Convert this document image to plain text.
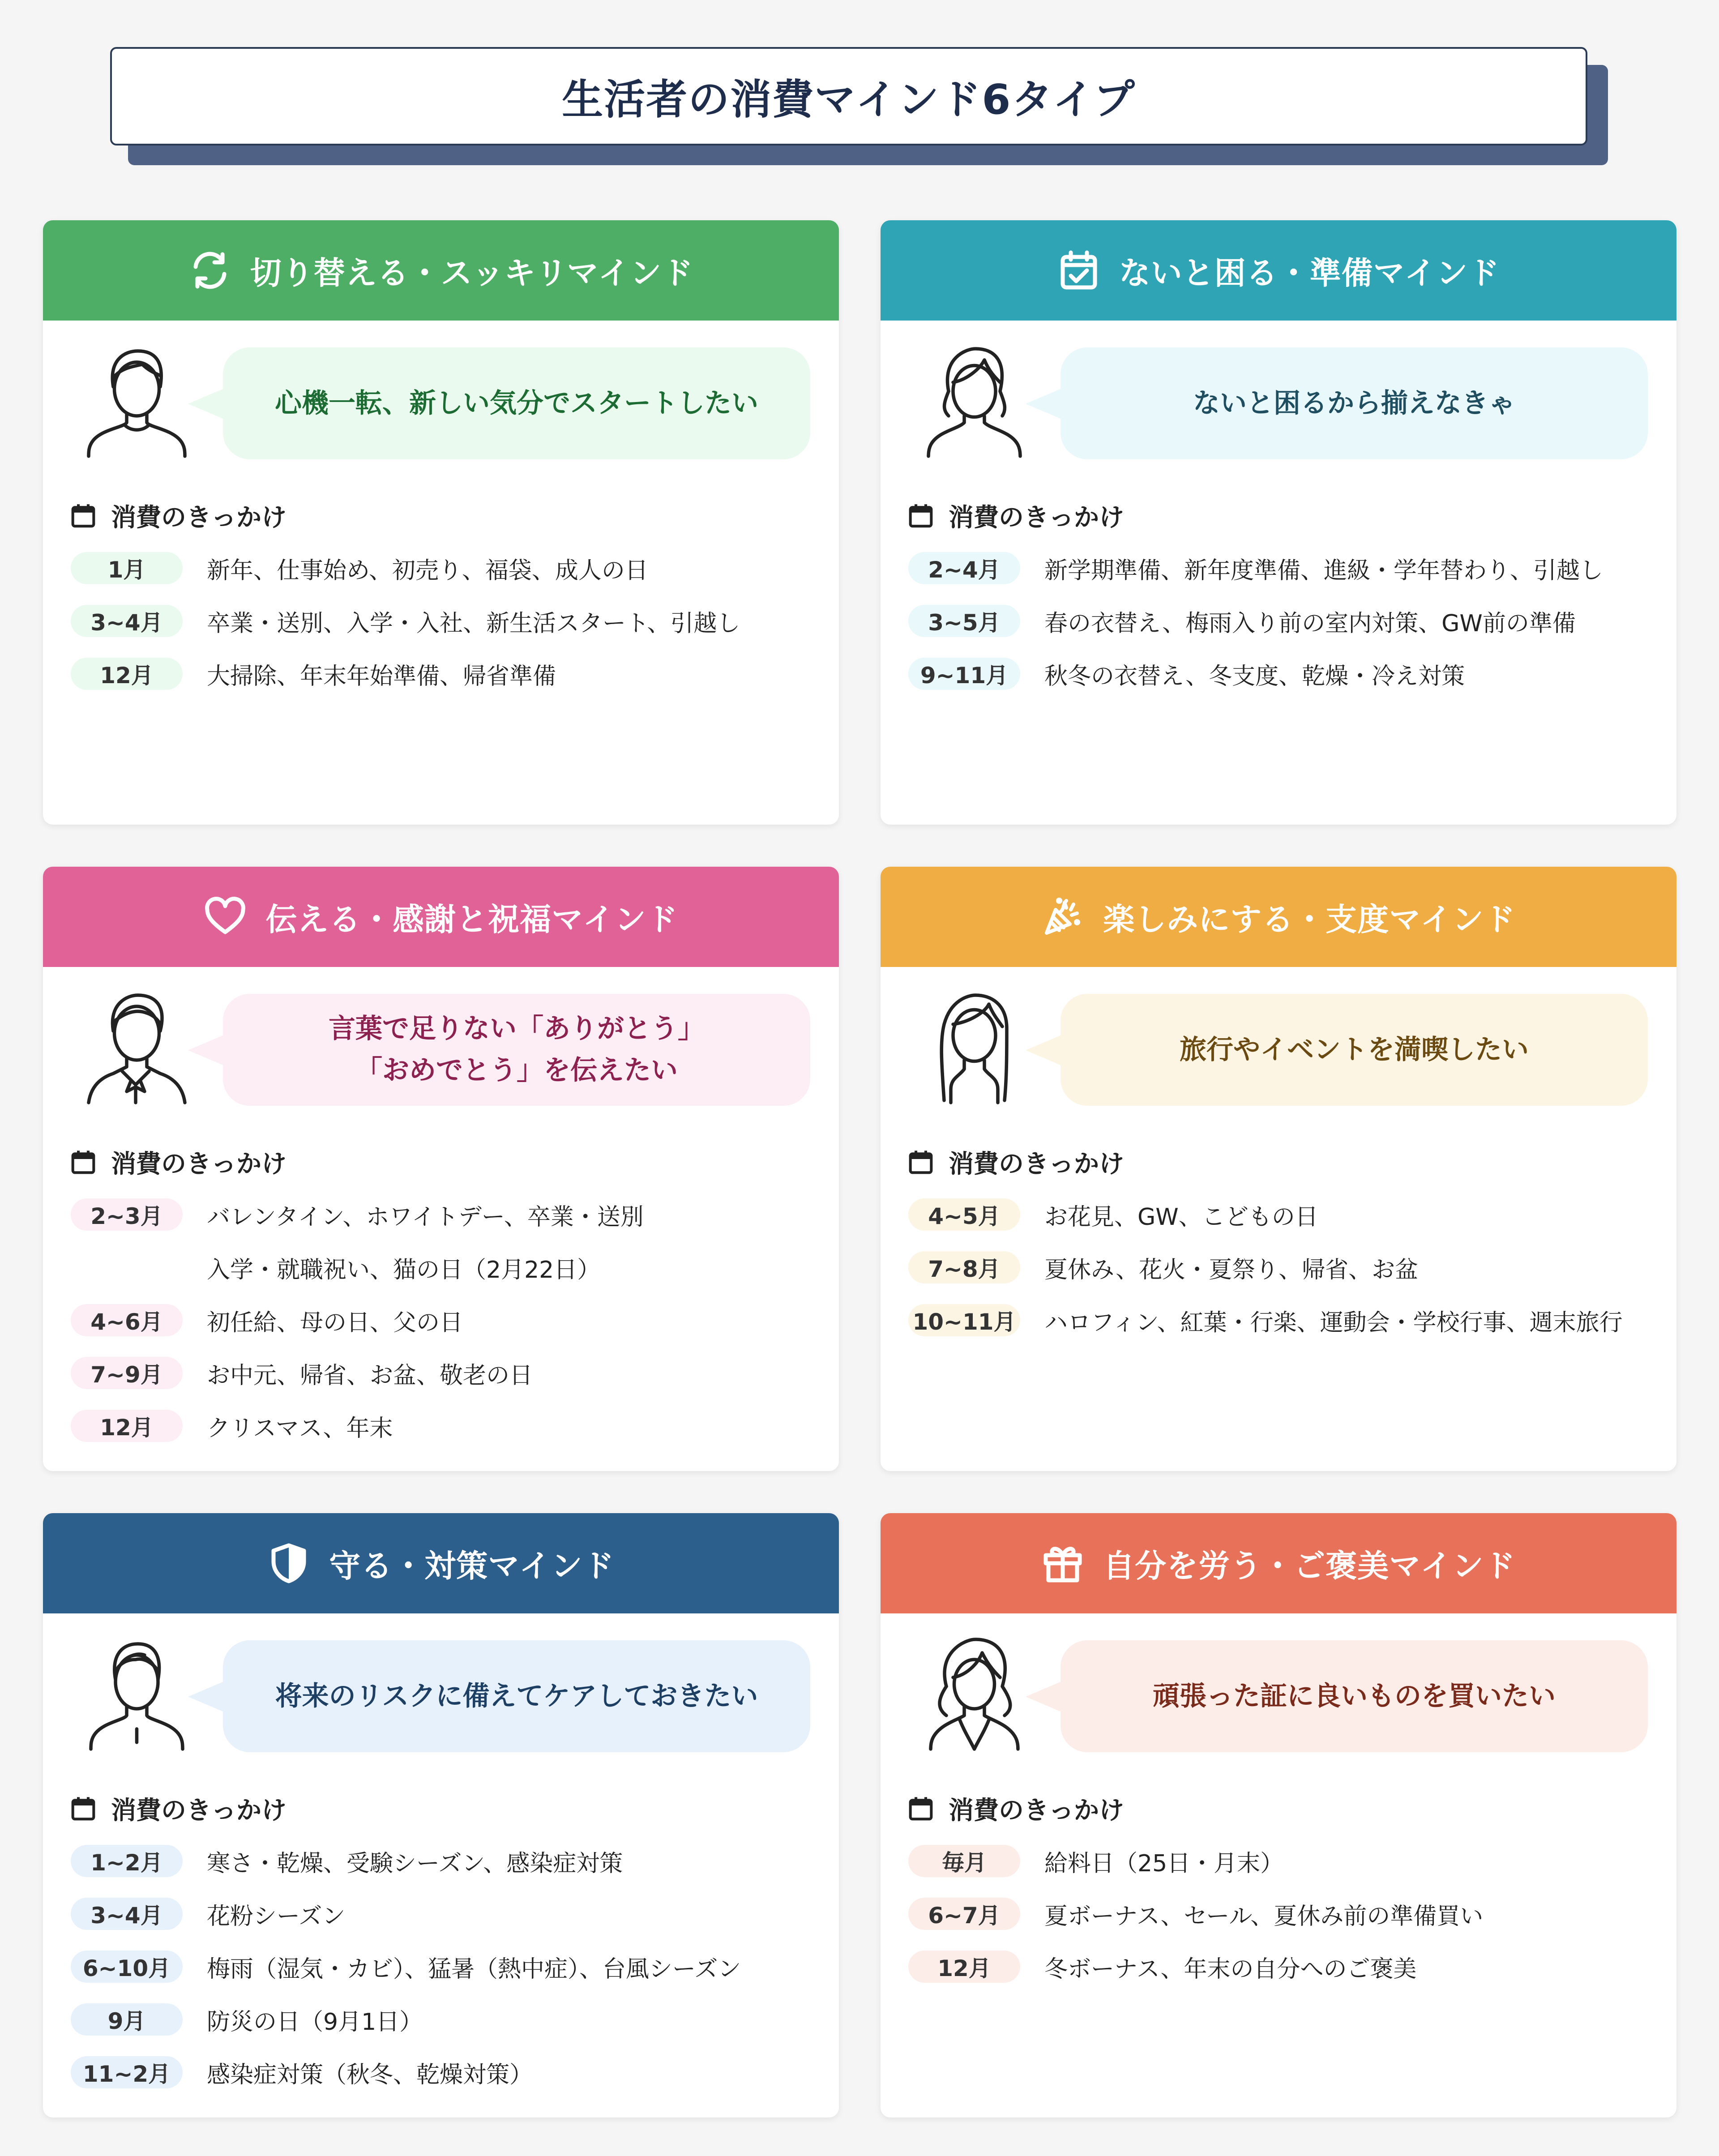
生活者の消費マインド6タイプ
切り替える・スッキリマインド
心機一転、新しい気分でスタートしたい
消費のきっかけ
1月	新年、仕事始め、初売り、福袋、成人の日
3~4月	卒業・送別、入学・入社、新生活スタート、引越し
12月	大掃除、年末年始準備、帰省準備
ないと困る・準備マインド
ないと困るから揃えなきゃ
消費のきっかけ
2~4月	新学期準備、新年度準備、進級・学年替わり、引越し
3~5月	春の衣替え、梅雨入り前の室内対策、GW前の準備
9~11月	秋冬の衣替え、冬支度、乾燥・冷え対策
伝える・感謝と祝福マインド
言葉で足りない「ありがとう」
「おめでとう」を伝えたい
消費のきっかけ
2~3月	バレンタイン、ホワイトデー、卒業・送別
入学・就職祝い、猫の日（2月22日）
4~6月	初任給、母の日、父の日
7~9月	お中元、帰省、お盆、敬老の日
12月	クリスマス、年末
楽しみにする・支度マインド
旅行やイベントを満喫したい
消費のきっかけ
4~5月	お花見、GW、こどもの日
7~8月	夏休み、花火・夏祭り、帰省、お盆
10~11月 ハロフィン、紅葉・行楽、運動会・学校行事、週末旅行
守る・対策マインド
将来のリスクに備えてケアしておきたい
消費のきっかけ
1~2月	寒さ・乾燥、受験シーズン、感染症対策
3~4月	花粉シーズン
6~10月	梅雨（湿気・カビ）、猛暑（熱中症）、台風シーズン
9月	防災の日（9月1日）
11~2月	感染症対策（秋冬、乾燥対策）
自分を労う・ご褒美マインド
頑張った証に良いものを買いたい
消費のきっかけ
毎月	給料日（25日・月末）
6~7月	夏ボーナス、セール、夏休み前の準備買い
12月	冬ボーナス、年末の自分へのご褒美
